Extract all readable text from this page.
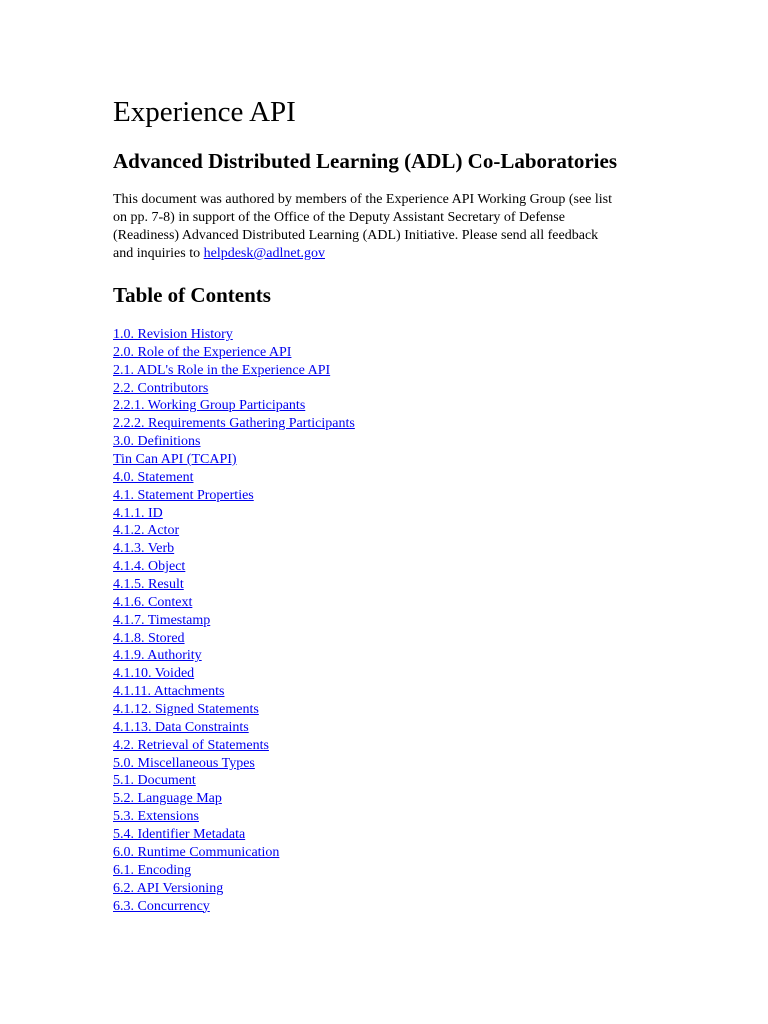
Experience API
Advanced Distributed Learning (ADL) Co-Laboratories

This document was authored by members of the Experience API Working Group (see list
on pp. 7-8) in support of the Office of the Deputy Assistant Secretary of Defense
(Readiness) Advanced Distributed Learning (ADL) Initiative. Please send all feedback
and inquiries to helpdesk@adlnet.gov

Table of Contents
1.0. Revision History
2.0. Role of the Experience API
2.1. ADL's Role in the Experience API
2.2. Contributors
2.2.1. Working Group Participants
2.2.2. Requirements Gathering Participants
3.0. Definitions
Tin Can API (TCAPI)
4.0. Statement
4.1. Statement Properties
4.1.1. ID
4.1.2. Actor
4.1.3. Verb
4.1.4. Object
4.1.5. Result
4.1.6. Context
4.1.7. Timestamp
4.1.8. Stored
4.1.9. Authority
4.1.10. Voided
4.1.11. Attachments
4.1.12. Signed Statements
4.1.13. Data Constraints
4.2. Retrieval of Statements
5.0. Miscellaneous Types
5.1. Document
5.2. Language Map
5.3. Extensions
5.4. Identifier Metadata
6.0. Runtime Communication
6.1. Encoding
6.2. API Versioning
6.3. Concurrency
